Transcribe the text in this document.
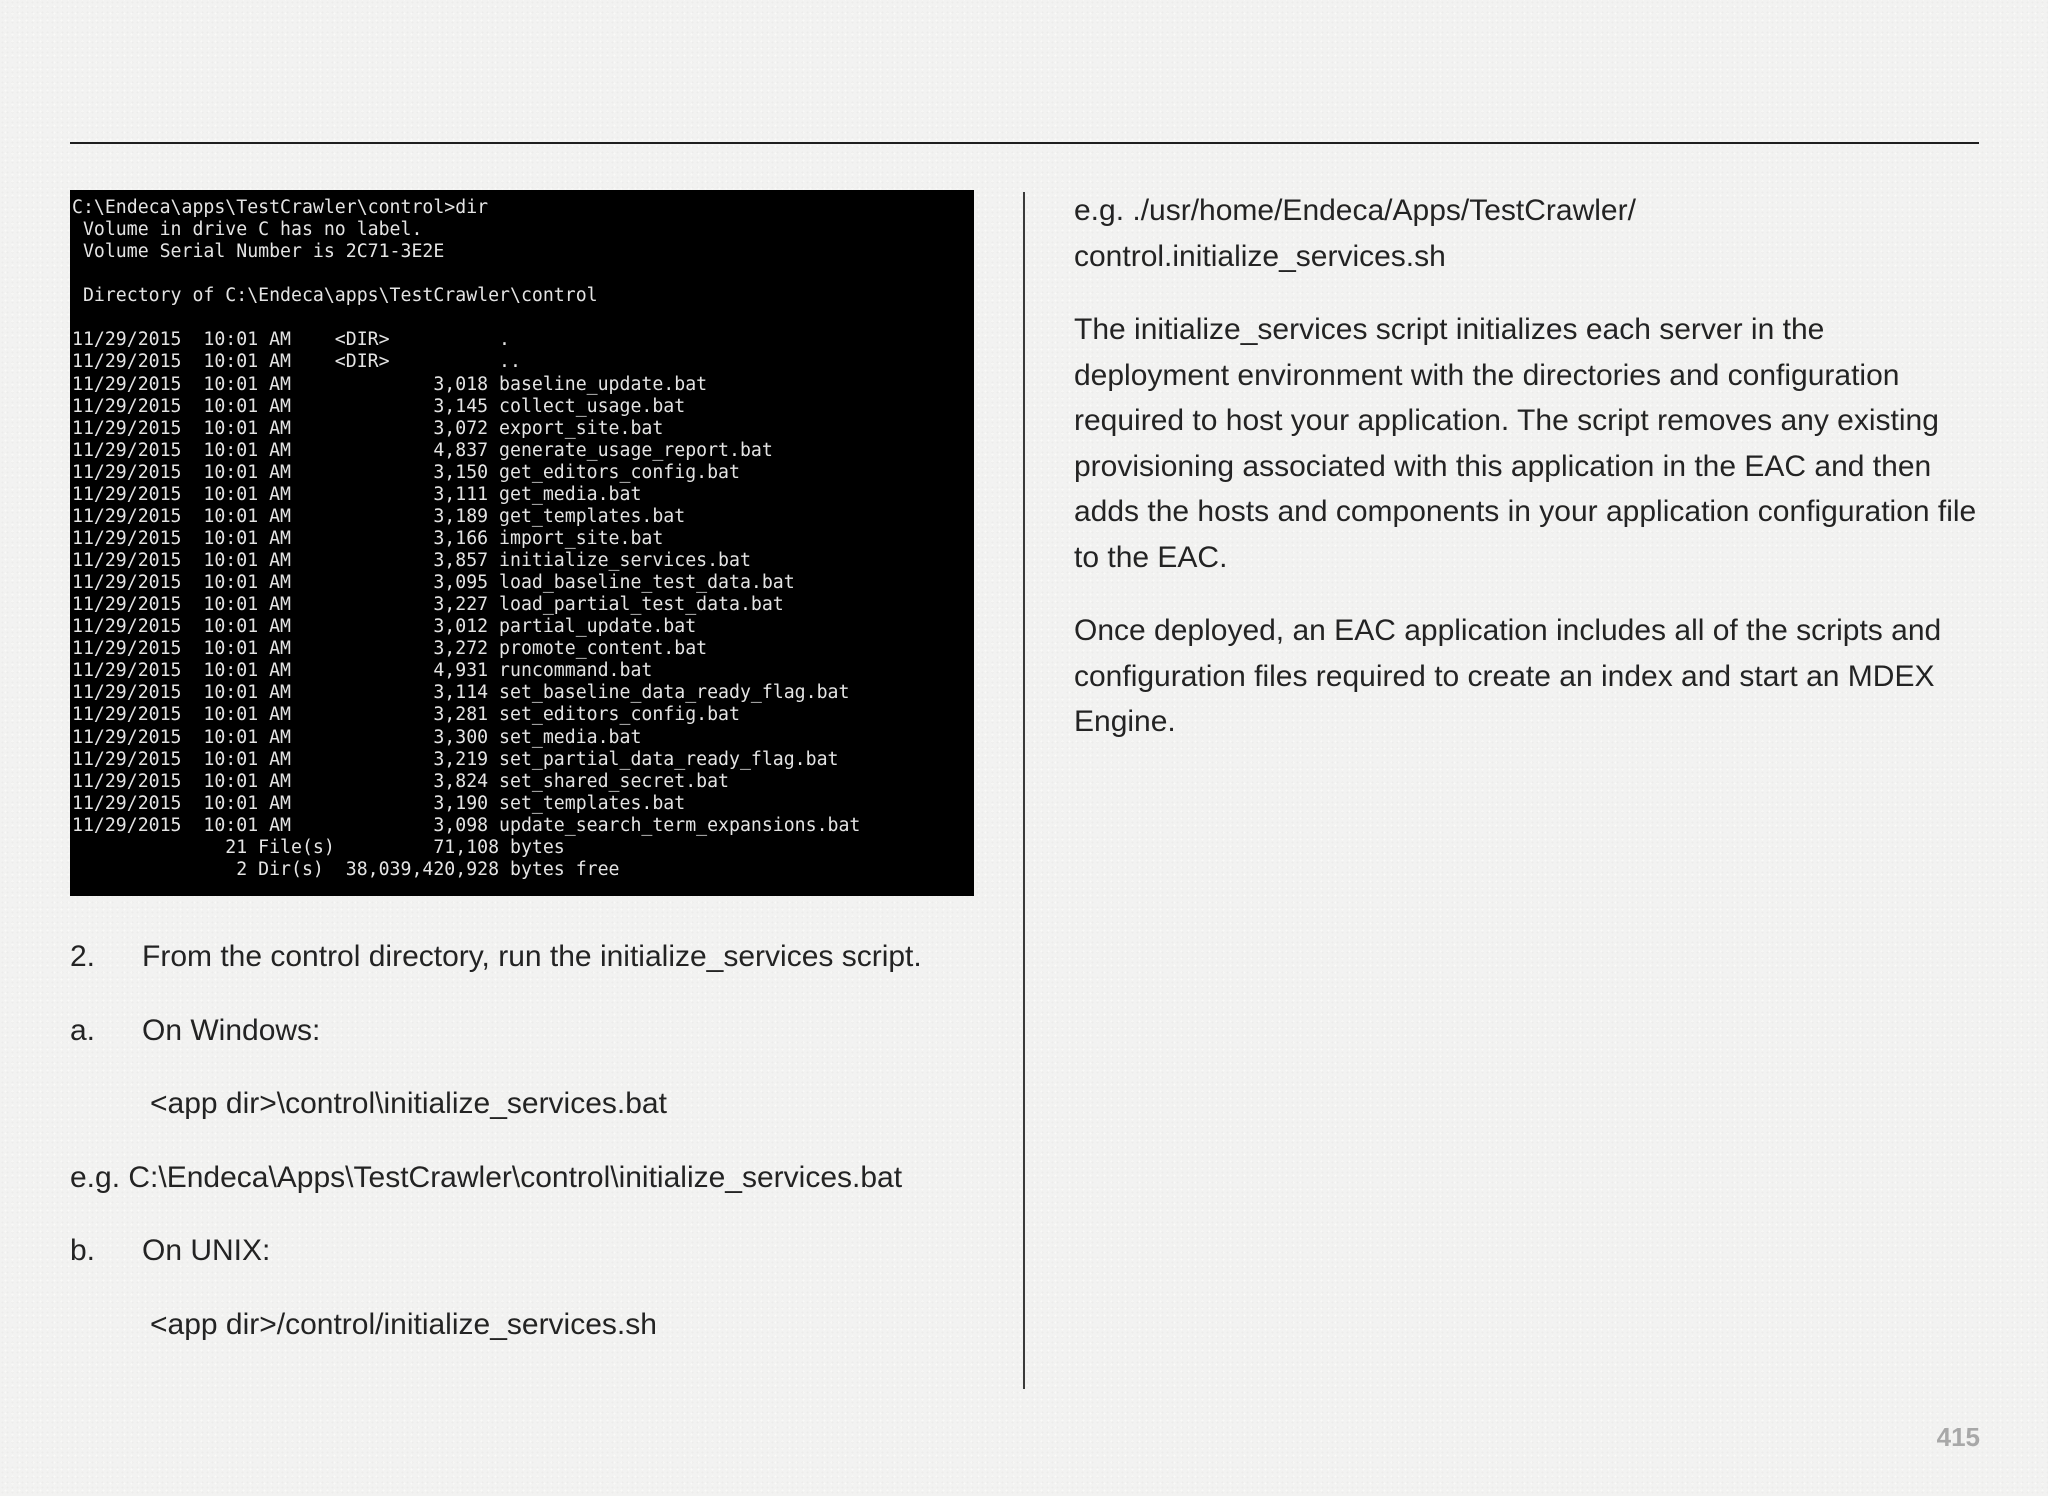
C:\Endeca\apps\TestCrawler\control>dir
Volume in drive C has no label.
Volume Serial Number is 2C71-3E2E
Directory of C:\Endeca\apps\TestCrawler\control
11/29/2015  10:01 AM    <DIR>          .
11/29/2015  10:01 AM    <DIR>          ..
11/29/2015  10:01 AM             3,018 baseline_update.bat
11/29/2015  10:01 AM             3,145 collect_usage.bat
11/29/2015  10:01 AM             3,072 export_site.bat
11/29/2015  10:01 AM             4,837 generate_usage_report.bat
11/29/2015  10:01 AM             3,150 get_editors_config.bat
11/29/2015  10:01 AM             3,111 get_media.bat
11/29/2015  10:01 AM             3,189 get_templates.bat
11/29/2015  10:01 AM             3,166 import_site.bat
11/29/2015  10:01 AM             3,857 initialize_services.bat
11/29/2015  10:01 AM             3,095 load_baseline_test_data.bat
11/29/2015  10:01 AM             3,227 load_partial_test_data.bat
11/29/2015  10:01 AM             3,012 partial_update.bat
11/29/2015  10:01 AM             3,272 promote_content.bat
11/29/2015  10:01 AM             4,931 runcommand.bat
11/29/2015  10:01 AM             3,114 set_baseline_data_ready_flag.bat
11/29/2015  10:01 AM             3,281 set_editors_config.bat
11/29/2015  10:01 AM             3,300 set_media.bat
11/29/2015  10:01 AM             3,219 set_partial_data_ready_flag.bat
11/29/2015  10:01 AM             3,824 set_shared_secret.bat
11/29/2015  10:01 AM             3,190 set_templates.bat
11/29/2015  10:01 AM             3,098 update_search_term_expansions.bat
21 File(s)         71,108 bytes
2 Dir(s)  38,039,420,928 bytes free

2. From the control directory, run the initialize_services script.

a. On Windows:

<app dir>\control\initialize_services.bat

e.g. C:\Endeca\Apps\TestCrawler\control\initialize_services.bat

b. On UNIX:

<app dir>/control/initialize_services.sh

e.g. ./usr/home/Endeca/Apps/TestCrawler/
control.initialize_services.sh

The initialize_services script initializes each server in the deployment environment with the directories and configuration required to host your application. The script removes any existing provisioning associated with this application in the EAC and then adds the hosts and components in your application configuration file to the EAC.

Once deployed, an EAC application includes all of the scripts and configuration files required to create an index and start an MDEX Engine.

415
